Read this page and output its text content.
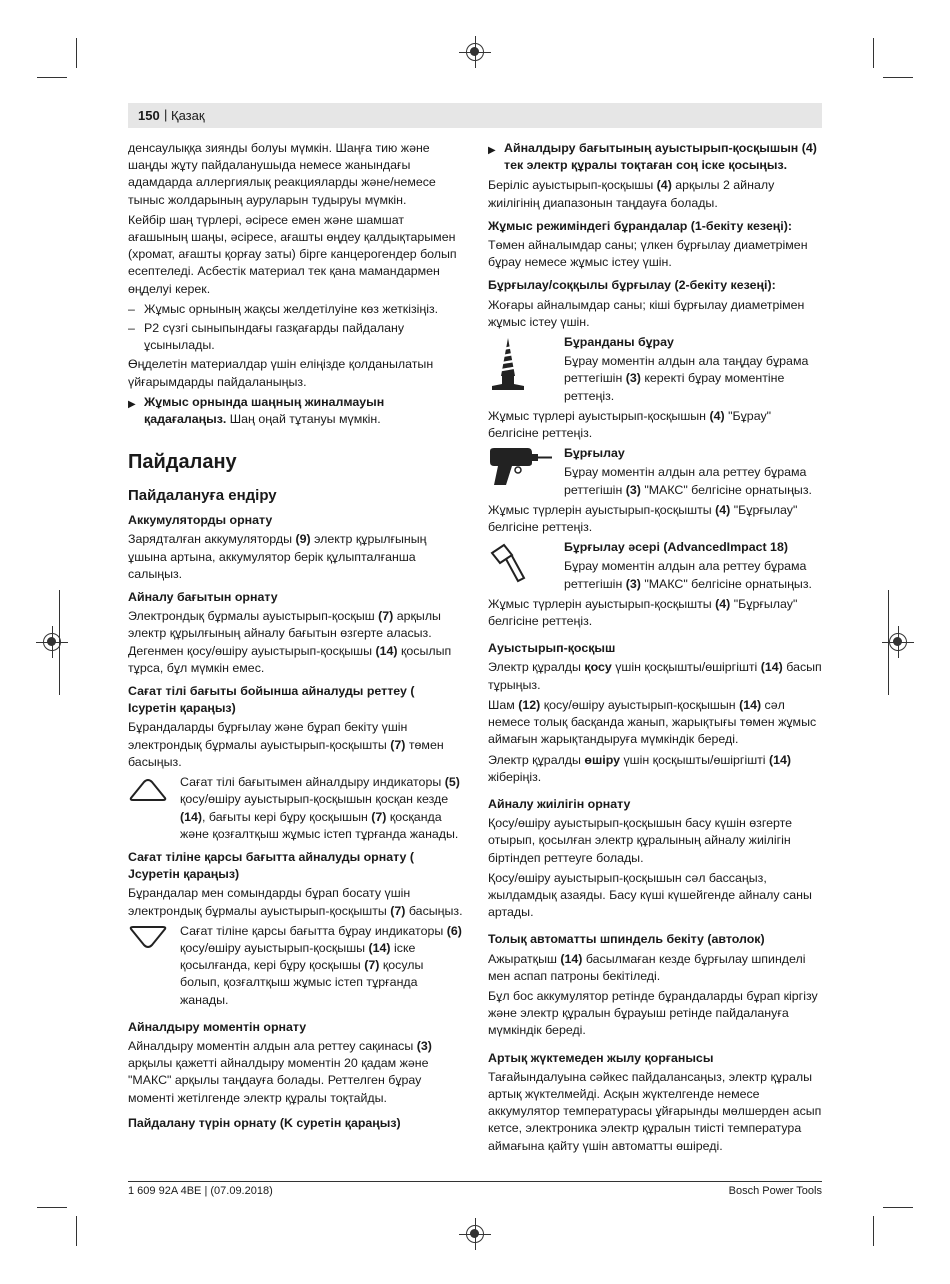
150 | Қазақ

денсаулыққа зиянды болуы мүмкін. Шаңға тию және шаңды жұту пайдаланушыда немесе жанындағы адамдарда аллергиялық реакцияларды және/немесе тыныс жолдарының ауруларын тудыруы мүмкін.

Кейбір шаң түрлері, әсіресе емен және шамшат ағашының шаңы, әсіресе, ағашты өңдеу қалдықтарымен (хромат, ағашты қорғау заты) бірге канцерогендер болып есептеледі. Асбестік материал тек қана мамандармен өңделуі керек.

– Жұмыс орнының жақсы желдетілуіне көз жеткізіңіз.
– P2 сүзгі сыныпындағы газқағарды пайдалану ұсынылады.

Өңделетін материалдар үшін еліңізде қолданылатын үйғарымдарды пайдаланыңыз.

▶ Жұмыс орнында шаңның жиналмауын қадағалаңыз. Шаң оңай тұтануы мүмкін.
Пайдалану
Пайдалануға ендіру
Аккумуляторды орнату

Зарядталған аккумуляторды (9) электр құрылғының ұшына артына, аккумулятор берік құлыпталғанша салыңыз.

Айналу бағытын орнату

Электрондық бұрмалы ауыстырып-қосқыш (7) арқылы электр құрылғының айналу бағытын өзгерте аласыз. Дегенмен қосу/өшіру ауыстырып-қосқышы (14) қосылып тұрса, бұл мүмкін емес.

Сағат тілі бағыты бойынша айналуды реттеу ( Iсуретін қараңыз)

Бұрандаларды бұрғылау және бұрап бекіту үшін электрондық бұрмалы ауыстырып-қосқышты (7) төмен басыңыз.

Сағат тілі бағытымен айналдыру индикаторы (5) қосу/өшіру ауыстырып-қосқышын қосқан кезде (14), бағыты кері бұру қосқышын (7) қосқанда және қозғалтқыш жұмыс істеп тұрғанда жанады.
Сағат тіліне қарсы бағытта айналуды орнату ( Jсуретін қараңыз)

Бұрандалар мен сомындарды бұрап босату үшін электрондық бұрмалы ауыстырып-қосқышты (7) басыңыз.

Сағат тіліне қарсы бағытта бұрау индикаторы (6) қосу/өшіру ауыстырып-қосқышы (14) іске қосылғанда, кері бұру қосқышы (7) қосулы болып, қозғалтқыш жұмыс істеп тұрғанда жанады.
Айналдыру моментін орнату

Айналдыру моментін алдын ала реттеу сақинасы (3) арқылы қажетті айналдыру моментін 20 қадам және "МАКС" арқылы таңдауға болады. Реттелген бұрау моменті жетілгенде электр құралы тоқтайды.

Пайдалану түрін орнату (K суретін қараңыз)
▶ Айналдыру бағытының ауыстырып-қосқышын (4) тек электр құралы тоқтаған соң іске қосыңыз.

Беріліс ауыстырып-қосқышы (4) арқылы 2 айналу жиілігінің диапазонын таңдауға болады.

Жұмыс режиміндегі бұрандалар (1-бекіту кезеңі):

Төмен айналымдар саны; үлкен бұрғылау диаметрімен бұрау немесе жұмыс істеу үшін.

Бұрғылау/соққылы бұрғылау (2-бекіту кезеңі):

Жоғары айналымдар саны; кіші бұрғылау диаметрімен жұмыс істеу үшін.

Бұранданы бұрау
Бұрау моментін алдын ала таңдау бұрама реттегішін (3) керекті бұрау моментіне реттеңіз.

Жұмыс түрлері ауыстырып-қосқышын (4) "Бұрау" белгісіне реттеңіз.

Бұрғылау
Бұрау моментін алдын ала реттеу бұрама реттегішін (3) "МАКС" белгісіне орнатыңыз.

Жұмыс түрлерін ауыстырып-қосқышты (4) "Бұрғылау" белгісіне реттеңіз.

Бұрғылау әсері (AdvancedImpact 18)
Бұрау моментін алдын ала реттеу бұрама реттегішін (3) "МАКС" белгісіне орнатыңыз.

Жұмыс түрлерін ауыстырып-қосқышты (4) "Бұрғылау" белгісіне реттеңіз.

Ауыстырып-қосқыш

Электр құралды қосу үшін қосқышты/өшіргішті (14) басып тұрыңыз.

Шам (12) қосу/өшіру ауыстырып-қосқышын (14) сәл немесе толық басқанда жанып, жарықтығы төмен жұмыс аймағын жарықтандыруға мүмкіндік береді.

Электр құралды өшіру үшін қосқышты/өшіргішті (14) жіберіңіз.

Айналу жиілігін орнату

Қосу/өшіру ауыстырып-қосқышын басу күшін өзгерте отырып, қосылған электр құралының айналу жиілігін біртіндеп реттеуге болады.

Қосу/өшіру ауыстырып-қосқышын сәл бассаңыз, жылдамдық азаяды. Басу күші күшейгенде айналу саны артады.

Толық автоматты шпиндель бекіту (автолок)

Ажыратқыш (14) басылмаған кезде бұрғылау шпинделі мен аспап патроны бекітіледі.

Бұл бос аккумулятор ретінде бұрандаларды бұрап кіргізу және электр құралын бұрауыш ретінде пайдалануға мүмкіндік береді.

Артық жүктемеден жылу қорғанысы

Тағайындалуына сәйкес пайдалансаңыз, электр құралы артық жүктелмейді. Асқын жүктелгенде немесе аккумулятор температурасы ұйғарынды мөлшерден асып кетсе, электроника электр құралын тиісті температура аймағына қайту үшін автоматты өшіреді.

1 609 92A 4BE | (07.09.2018)	Bosch Power Tools
